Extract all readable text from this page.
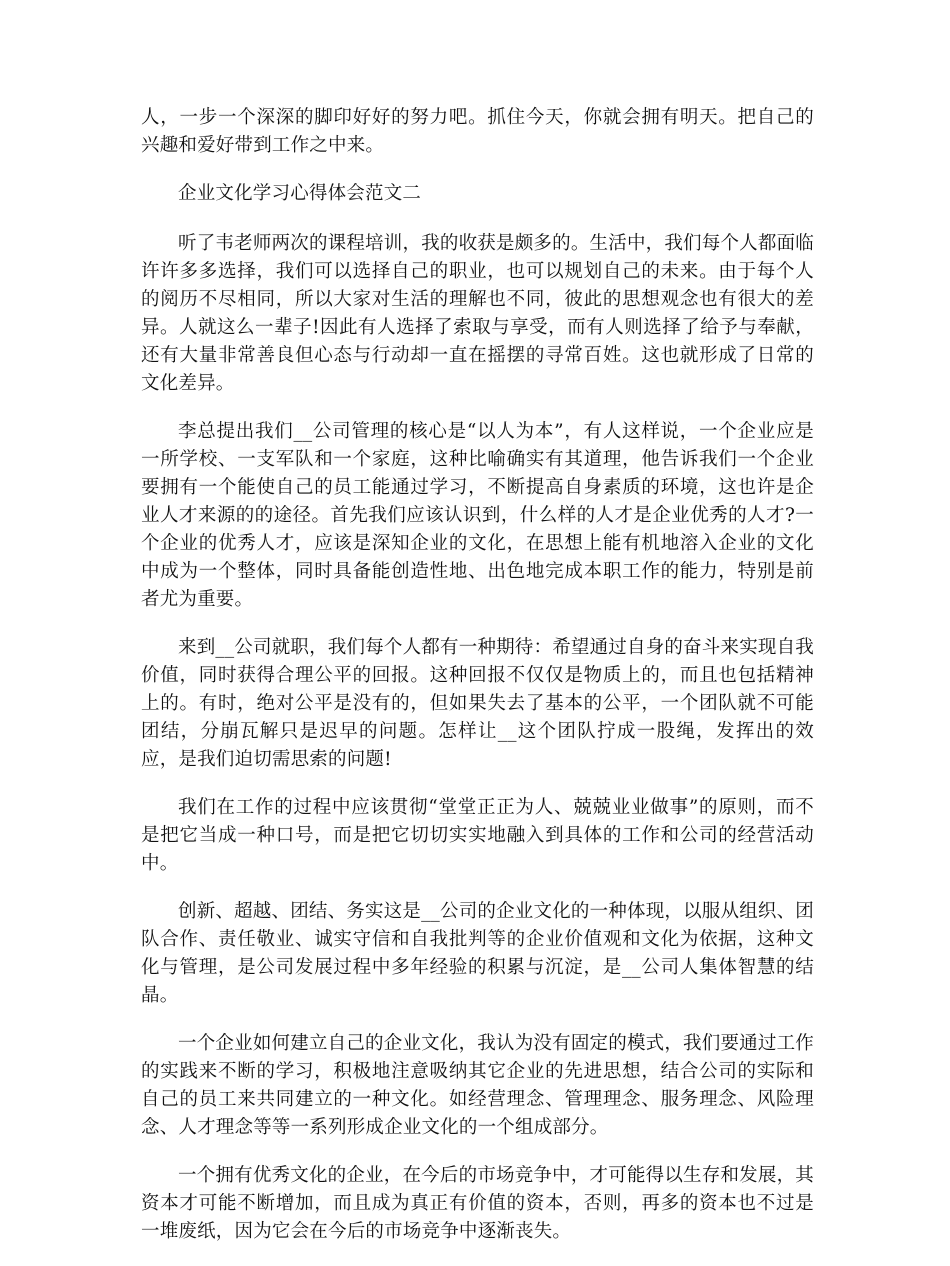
人，一步一个深深的脚印好好的努力吧。抓住今天，你就会拥有明天。把自己的兴趣和爱好带到工作之中来。

企业文化学习心得体会范文二

听了韦老师两次的课程培训，我的收获是颇多的。生活中，我们每个人都面临许许多多选择，我们可以选择自己的职业，也可以规划自己的未来。由于每个人的阅历不尽相同，所以大家对生活的理解也不同，彼此的思想观念也有很大的差异。人就这么一辈子!因此有人选择了索取与享受，而有人则选择了给予与奉献，还有大量非常善良但心态与行动却一直在摇摆的寻常百姓。这也就形成了日常的文化差异。

李总提出我们__公司管理的核心是“以人为本”，有人这样说，一个企业应是一所学校、一支军队和一个家庭，这种比喻确实有其道理，他告诉我们一个企业要拥有一个能使自己的员工能通过学习，不断提高自身素质的环境，这也许是企业人才来源的的途径。首先我们应该认识到，什么样的人才是企业优秀的人才?一个企业的优秀人才，应该是深知企业的文化，在思想上能有机地溶入企业的文化中成为一个整体，同时具备能创造性地、出色地完成本职工作的能力，特别是前者尤为重要。

来到__公司就职，我们每个人都有一种期待：希望通过自身的奋斗来实现自我价值，同时获得合理公平的回报。这种回报不仅仅是物质上的，而且也包括精神上的。有时，绝对公平是没有的，但如果失去了基本的公平，一个团队就不可能团结，分崩瓦解只是迟早的问题。怎样让__这个团队拧成一股绳，发挥出的效应，是我们迫切需思索的问题!

我们在工作的过程中应该贯彻“堂堂正正为人、兢兢业业做事”的原则，而不是把它当成一种口号，而是把它切切实实地融入到具体的工作和公司的经营活动中。

创新、超越、团结、务实这是__公司的企业文化的一种体现，以服从组织、团队合作、责任敬业、诚实守信和自我批判等的企业价值观和文化为依据，这种文化与管理，是公司发展过程中多年经验的积累与沉淀，是__公司人集体智慧的结晶。

一个企业如何建立自己的企业文化，我认为没有固定的模式，我们要通过工作的实践来不断的学习，积极地注意吸纳其它企业的先进思想，结合公司的实际和自己的员工来共同建立的一种文化。如经营理念、管理理念、服务理念、风险理念、人才理念等等一系列形成企业文化的一个组成部分。

一个拥有优秀文化的企业，在今后的市场竞争中，才可能得以生存和发展，其资本才可能不断增加，而且成为真正有价值的资本，否则，再多的资本也不过是一堆废纸，因为它会在今后的市场竞争中逐渐丧失。
